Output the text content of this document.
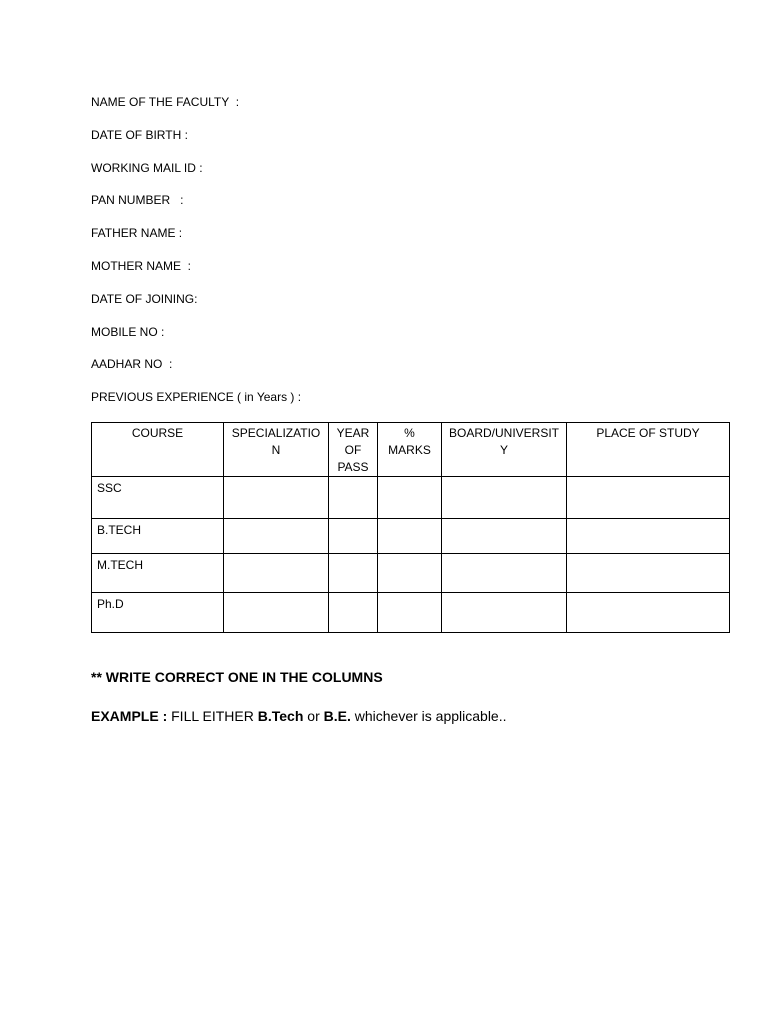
NAME OF THE FACULTY  :
DATE OF BIRTH :
WORKING MAIL ID :
PAN NUMBER   :
FATHER NAME :
MOTHER NAME  :
DATE OF JOINING:
MOBILE NO :
AADHAR NO  :
PREVIOUS EXPERIENCE ( in Years ) :
COURSE	SPECIALIZATION	YEAR OF PASS	% MARKS	BOARD/UNIVERSITY	PLACE OF STUDY
SSC					
B.TECH					
M.TECH					
Ph.D					
** WRITE CORRECT ONE IN THE COLUMNS
EXAMPLE : FILL EITHER B.Tech or B.E. whichever is applicable..
